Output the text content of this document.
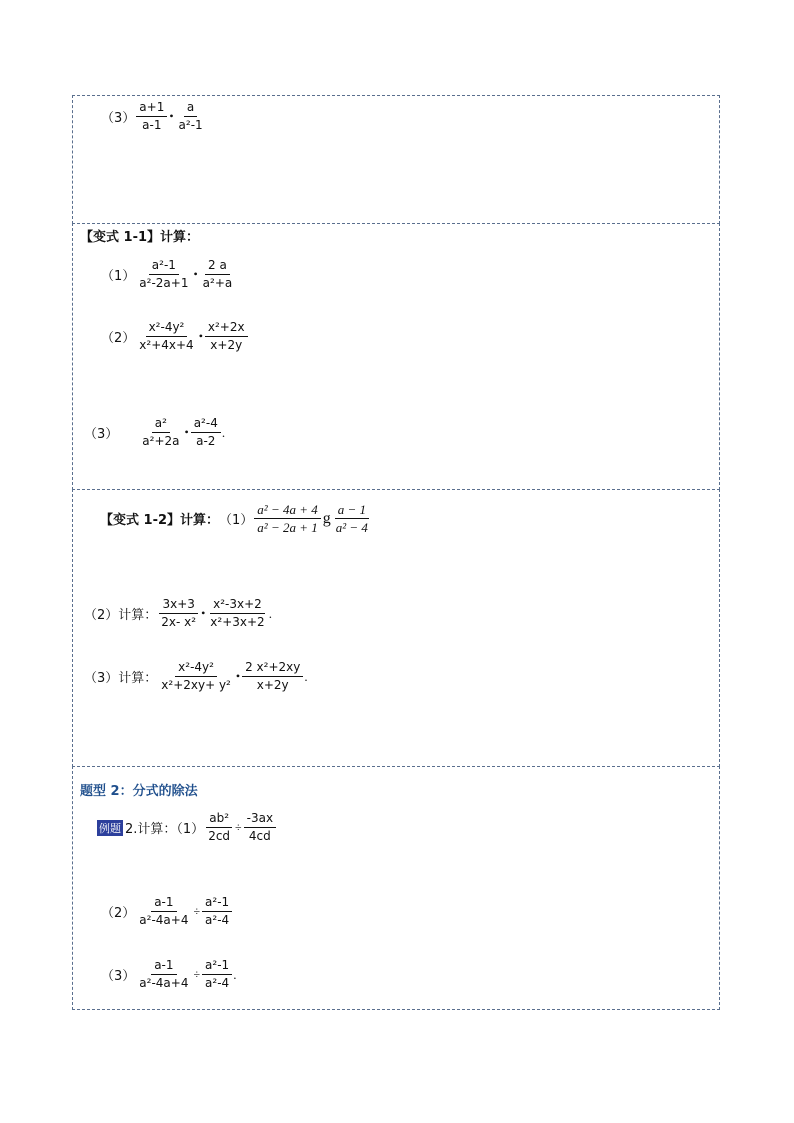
$(3) \frac{a+1}{a-1}$ • $\frac{a}{\text{a²-1}}$
【变式 1-1】计算：
$(1) \frac{\text{a²-1}}{\text{a²-2a+1}}$ • $\frac{2 a}{\text{a²+a}}$
$(2) \frac{\text{x²-4y²}}{\text{x²+4x+4}}$ • $\frac{\text{x²+2x}}{x+2y}$
$(3) \frac{\text{a²}}{\text{a²+2a}}$ • $\frac{\text{a²-4}}{a-2}$ .
【变式 1-2】计算： $(1) \frac{\text{a² − 4a + 4}}{\text{a² − 2a + 1}}$ g $\frac{a - 1}{\text{a² − 4}}$
（2）计算： $\frac{3x+3}{\text{2x- x²}}$ • $\frac{\text{x²-3x+2}}{\text{x²+3x+2}}$ .
（3）计算： $\frac{\text{x²-4y²}}{\text{x²+2xy+ y²}}$ • $\frac{\text{2 x²+2xy}}{x+2y}$ .
题型 2：分式的除法
例题 2.计算：$(1) \frac{\text{ab²}}{2cd} \div \frac{-3ax}{4cd}$
$(2) \frac{a-1}{\text{a²-4a+4}} \div \frac{\text{a²-1}}{\text{a²-4}}$
$(3) \frac{a-1}{\text{a²-4a+4}} \div \frac{\text{a²-1}}{\text{a²-4}}$ .
